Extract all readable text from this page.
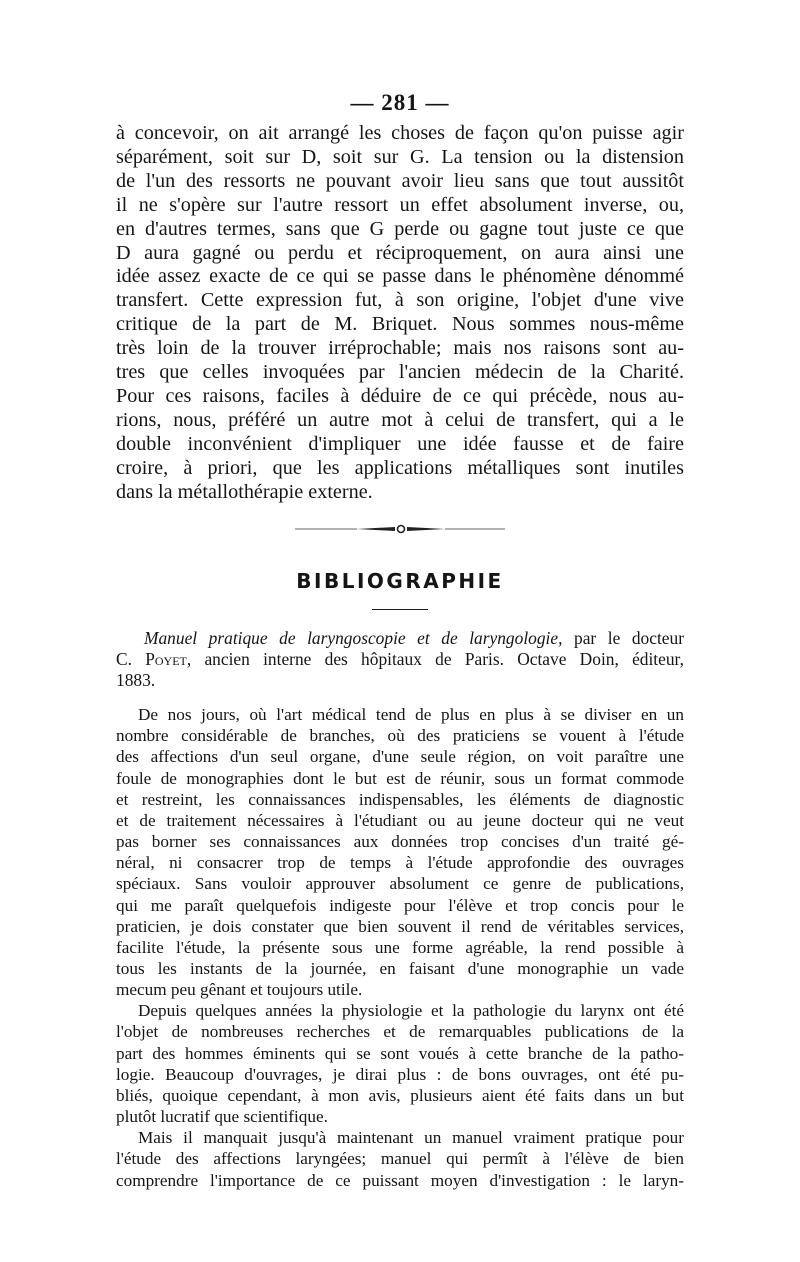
— 281 —
à concevoir, on ait arrangé les choses de façon qu'on puisse agir
séparément, soit sur D, soit sur G. La tension ou la distension
de l'un des ressorts ne pouvant avoir lieu sans que tout aussitôt
il ne s'opère sur l'autre ressort un effet absolument inverse, ou,
en d'autres termes, sans que G perde ou gagne tout juste ce que
D aura gagné ou perdu et réciproquement, on aura ainsi une
idée assez exacte de ce qui se passe dans le phénomène dénommé
transfert. Cette expression fut, à son origine, l'objet d'une vive
critique de la part de M. Briquet. Nous sommes nous-même
très loin de la trouver irréprochable; mais nos raisons sont au-
tres que celles invoquées par l'ancien médecin de la Charité.
Pour ces raisons, faciles à déduire de ce qui précède, nous au-
rions, nous, préféré un autre mot à celui de transfert, qui a le
double inconvénient d'impliquer une idée fausse et de faire
croire, à priori, que les applications métalliques sont inutiles
dans la métallothérapie externe.
BIBLIOGRAPHIE
Manuel pratique de laryngoscopie et de laryngologie, par le docteur
C. Poyet, ancien interne des hôpitaux de Paris. Octave Doin, éditeur,
1883.
De nos jours, où l'art médical tend de plus en plus à se diviser en un
nombre considérable de branches, où des praticiens se vouent à l'étude
des affections d'un seul organe, d'une seule région, on voit paraître une
foule de monographies dont le but est de réunir, sous un format commode
et restreint, les connaissances indispensables, les éléments de diagnostic
et de traitement nécessaires à l'étudiant ou au jeune docteur qui ne veut
pas borner ses connaissances aux données trop concises d'un traité gé-
néral, ni consacrer trop de temps à l'étude approfondie des ouvrages
spéciaux. Sans vouloir approuver absolument ce genre de publications,
qui me paraît quelquefois indigeste pour l'élève et trop concis pour le
praticien, je dois constater que bien souvent il rend de véritables services,
facilite l'étude, la présente sous une forme agréable, la rend possible à
tous les instants de la journée, en faisant d'une monographie un vade
mecum peu gênant et toujours utile.
Depuis quelques années la physiologie et la pathologie du larynx ont été
l'objet de nombreuses recherches et de remarquables publications de la
part des hommes éminents qui se sont voués à cette branche de la patho-
logie. Beaucoup d'ouvrages, je dirai plus : de bons ouvrages, ont été pu-
bliés, quoique cependant, à mon avis, plusieurs aient été faits dans un but
plutôt lucratif que scientifique.
Mais il manquait jusqu'à maintenant un manuel vraiment pratique pour
l'étude des affections laryngées; manuel qui permît à l'élève de bien
comprendre l'importance de ce puissant moyen d'investigation : le laryn-
